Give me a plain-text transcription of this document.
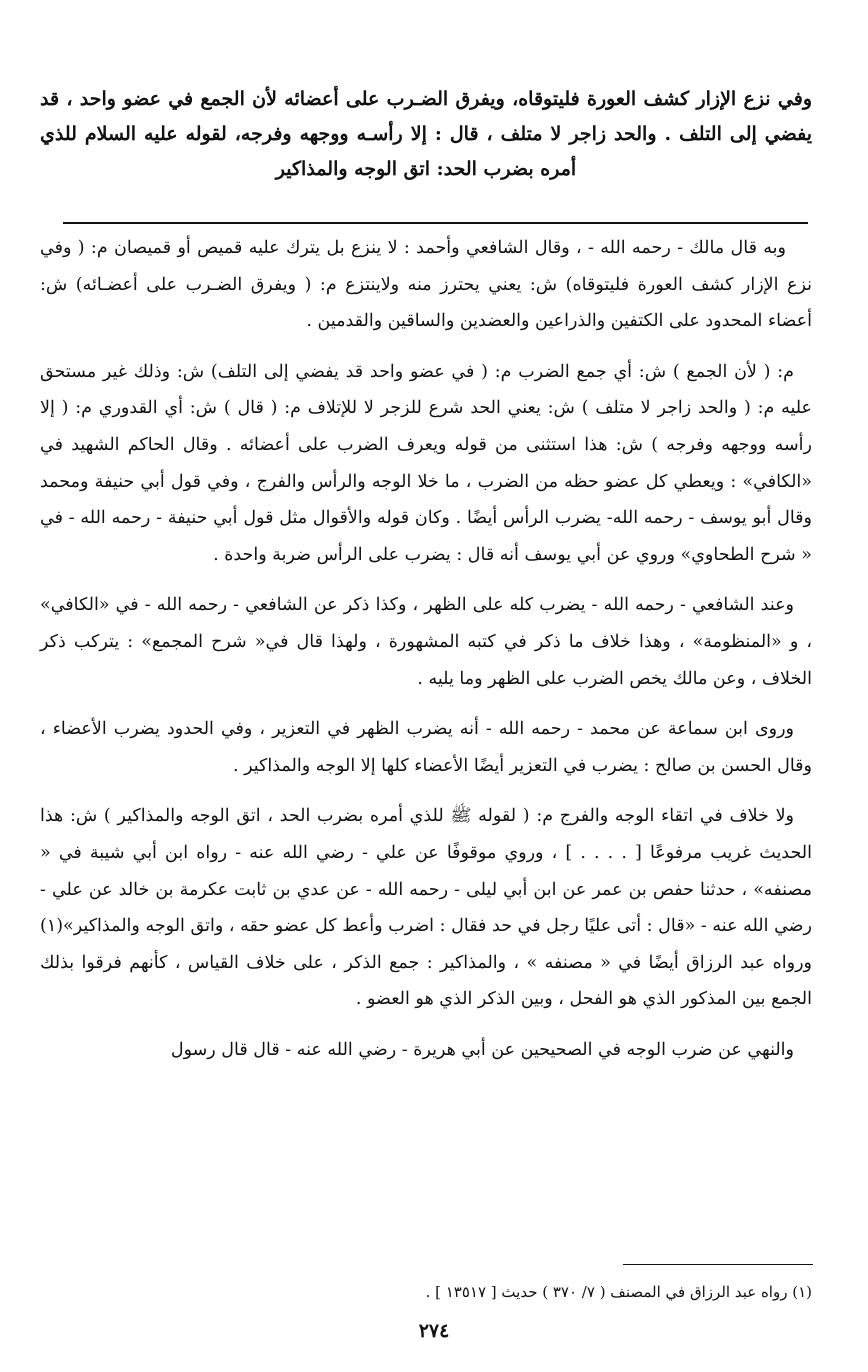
وفي نزع الإزار كشف العورة فليتوقاه، ويفرق الضـرب على أعضائه لأن الجمع في عضو واحد ، قد يفضي إلى التلف . والحد زاجر لا متلف ، قال : إلا رأسـه ووجهه وفرجه، لقوله عليه السلام للذي أمره بضرب الحد: اتق الوجه والمذاكير

وبه قال مالك - رحمه الله - ، وقال الشافعي وأحمد : لا ينزع بل يترك عليه قميص أو قميصان م: ( وفي نزع الإزار كشف العورة فليتوقاه) ش: يعني يحترز منه ولاينتزع م: ( ويفرق الضـرب على أعضـائه) ش: أعضاء المحدود على الكتفين والذراعين والعضدين والساقين والقدمين .

م: ( لأن الجمع ) ش: أي جمع الضرب م: ( في عضو واحد قد يفضي إلى التلف) ش: وذلك غير مستحق عليه م: ( والحد زاجر لا متلف ) ش: يعني الحد شرع للزجر لا للإتلاف م: ( قال ) ش: أي القدوري م: ( إلا رأسه ووجهه وفرجه ) ش: هذا استثنى من قوله ويعرف الضرب على أعضائه . وقال الحاكم الشهيد في «الكافي» : ويعطي كل عضو حظه من الضرب ، ما خلا الوجه والرأس والفرج ، وفي قول أبي حنيفة ومحمد وقال أبو يوسف - رحمه الله- يضرب الرأس أيضًا . وكان قوله والأقوال مثل قول أبي حنيفة - رحمه الله - في « شرح الطحاوي» وروي عن أبي يوسف أنه قال : يضرب على الرأس ضربة واحدة .

وعند الشافعي - رحمه الله - يضرب كله على الظهر ، وكذا ذكر عن الشافعي - رحمه الله - في «الكافي» ، و «المنظومة» ، وهذا خلاف ما ذكر في كتبه المشهورة ، ولهذا قال في« شرح المجمع» : يتركب ذكر الخلاف ، وعن مالك يخص الضرب على الظهر وما يليه .

وروى ابن سماعة عن محمد - رحمه الله - أنه يضرب الظهر في التعزير ، وفي الحدود يضرب الأعضاء ، وقال الحسن بن صالح : يضرب في التعزير أيضًا الأعضاء كلها إلا الوجه والمذاكير .

ولا خلاف في اتقاء الوجه والفرج م: ( لقوله ﷺ للذي أمره بضرب الحد ، اتق الوجه والمذاكير ) ش: هذا الحديث غريب مرفوعًا [ . . . . ] ، وروي موقوفًا عن علي - رضي الله عنه - رواه ابن أبي شيبة في « مصنفه» ، حدثنا حفص بن عمر عن ابن أبي ليلى - رحمه الله - عن عدي بن ثابت عكرمة بن خالد عن علي - رضي الله عنه - «قال : أتى عليًا رجل في حد فقال : اضرب وأعط كل عضو حقه ، واتق الوجه والمذاكير»(١) ورواه عبد الرزاق أيضًا في « مصنفه » ، والمذاكير : جمع الذكر ، على خلاف القياس ، كأنهم فرقوا بذلك الجمع بين المذكور الذي هو الفحل ، وبين الذكر الذي هو العضو .

والنهي عن ضرب الوجه في الصحيحين عن أبي هريرة - رضي الله عنه - قال قال رسول

(١) رواه عبد الرزاق في المصنف ( ٧/ ٣٧٠ ) حديث [ ١٣٥١٧ ] .
٢٧٤
